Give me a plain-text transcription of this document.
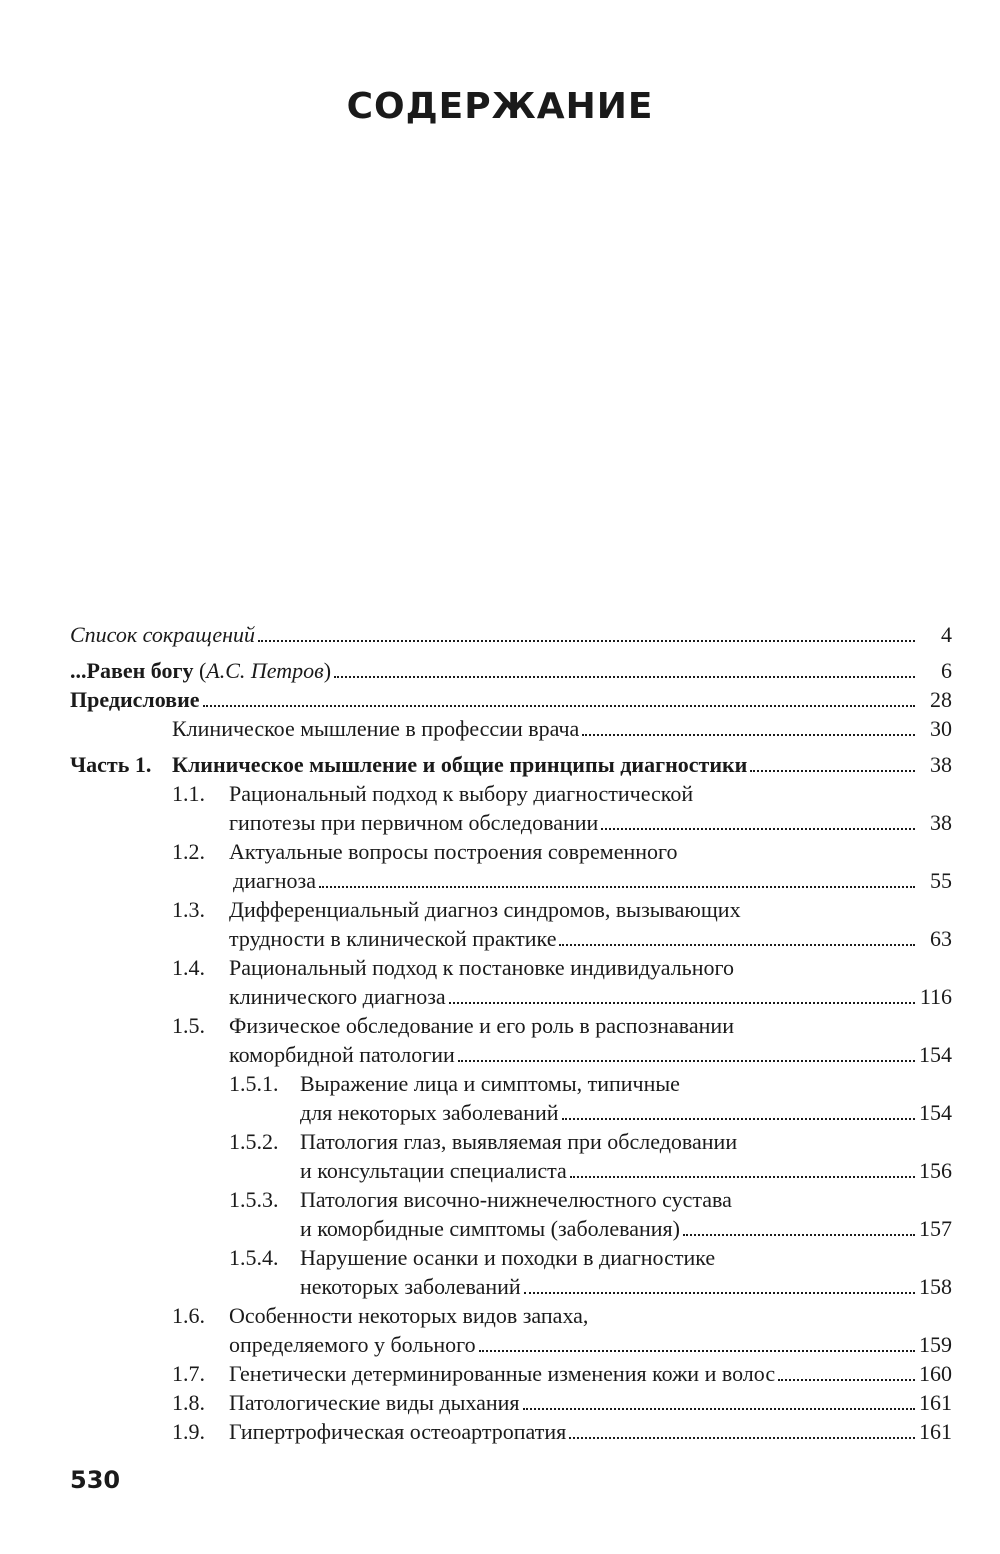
СОДЕРЖАНИЕ
Список сокращений	4
...Равен богу ( А.С. Петров )	6
Предисловие	28
Клиническое мышление в профессии врача	30
Часть 1. Клиническое мышление и общие принципы диагностики	38
1.1. Рациональный подход к выбору диагностической
гипотезы при первичном обследовании	38
1.2. Актуальные вопросы построения современного
диагноза	55
1.3. Дифференциальный диагноз синдромов, вызывающих
трудности в клинической практике	63
1.4. Рациональный подход к постановке индивидуального
клинического диагноза	116
1.5. Физическое обследование и его роль в распознавании
коморбидной патологии	154
1.5.1. Выражение лица и симптомы, типичные
для некоторых заболеваний	154
1.5.2. Патология глаз, выявляемая при обследовании
и консультации специалиста	156
1.5.3. Патология височно-нижнечелюстного сустава
и коморбидные симптомы (заболевания)	157
1.5.4. Нарушение осанки и походки в диагностике
некоторых заболеваний	158
1.6. Особенности некоторых видов запаха,
определяемого у больного	159
1.7. Генетически детерминированные изменения кожи и волос	160
1.8. Патологические виды дыхания	161
1.9. Гипертрофическая остеоартропатия	161
530
